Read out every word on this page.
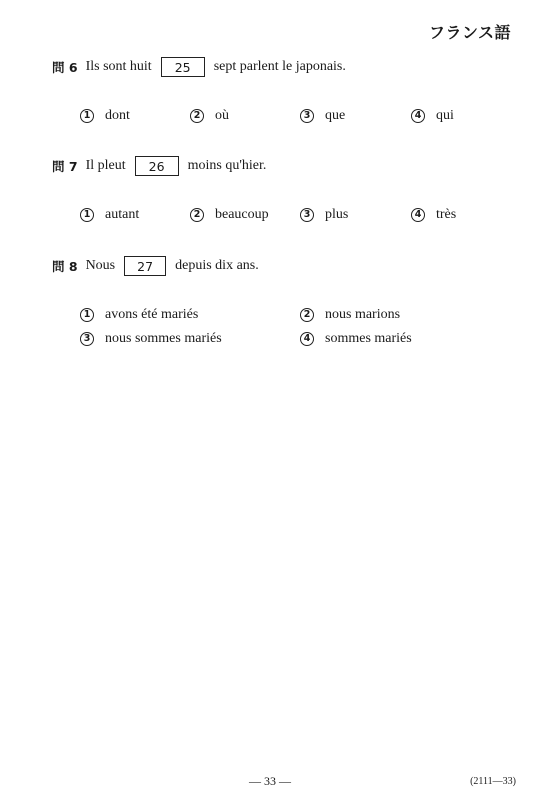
フランス語
問 6 Ils sont huit	25	sept parlent le japonais.
1 dont	2 où	3 que	4 qui
問 7 Il pleut	26	moins qu'hier.
1 autant	2 beaucoup	3 plus	4 très
問 8 Nous	27	depuis dix ans.
1 avons été mariés	2 nous marions
3 nous sommes mariés	4 sommes mariés
— 33 —	(2111—33)
